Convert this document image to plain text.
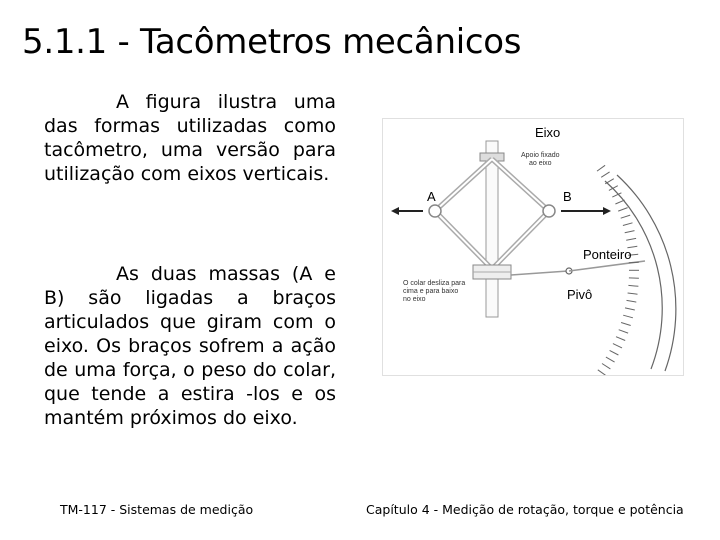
5.1.1 - Tacômetros mecânicos

A figura ilustra uma das formas utilizadas como tacômetro, uma versão para utilização com eixos verticais.

As duas massas (A e B) são ligadas a braços articulados que giram com o eixo. Os braços sofrem a ação de uma força, o peso do colar, que tende a estira -los e os mantém próximos do eixo.

Eixo
Apoio fixado
ao eixo
A	B
Ponteiro
O colar desliza para
cima e para baixo
no eixo	Pivô
TM-117 - Sistemas de medição	Capítulo 4 - Medição de rotação, torque e potência
